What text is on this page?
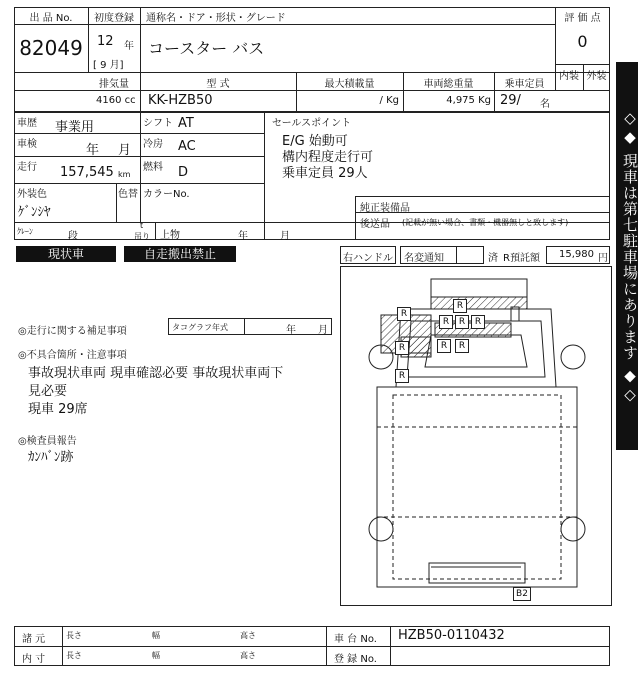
出 品 No.
82049
初度登録
12 年
[ 9 月]
通称名・ドア・形状・グレード
コースター バス
評 価 点
0
内装 外装
排気量
4160 cc
型 式
KK-HZB50
最大積載量
/ Kg
車両総重量
4,975 Kg
乗車定員
29/ 名
車歴 事業用	シフト AT
車検	年 月 冷房 AC
走行 157,545 km
燃料 D
外装色
ｹﾞﾝｼﾔ
色替 カラーNo.
ｸﾚｰﾝ	段
t
吊り 上物	年	月
セールスポイント
E/G 始動可
構内程度走行可
乗車定員 29人
純正装備品
後送品 (記載が無い場合、書類・機器無しと致します)
現状車	自走搬出禁止	右ハンドル	名変通知	済 R預託額	15,980 円
◎走行に関する補足事項	タコグラフ年式	年 月
◎不具合箇所・注意事項
事故現状車両 現車確認必要 事故現状車両下
見必要
現車 29席
◎検査員報告
ｶﾝﾊﾞﾝ跡
R
R	R	R
R
R	R
R
R
B2
◇◆ 現車は第七駐車場にあります ◆◇
諸 元
内 寸
長さ	幅	高さ
長さ	幅	高さ
車 台 No. HZB50-0110432
登 録 No.
